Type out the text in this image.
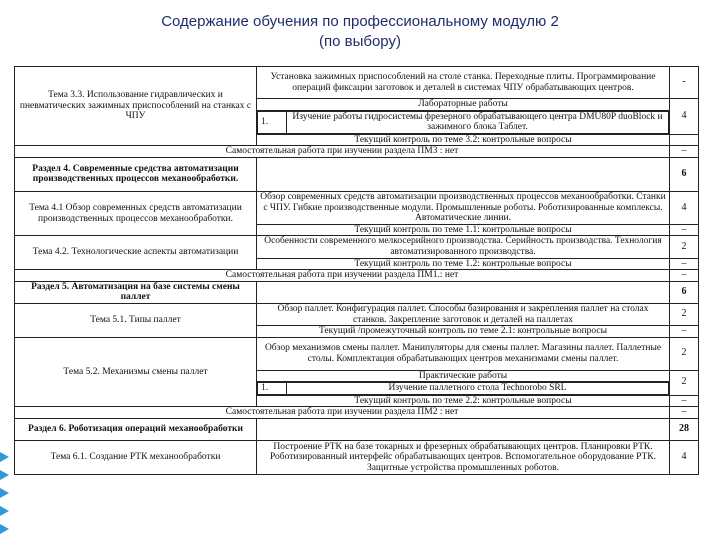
Содержание обучения по профессиональному модулю 2
(по выбору)
Тема 3.3. Использование гидравлических и пневматических зажимных приспособлений на станках с ЧПУ	Установка зажимных приспособлений на столе станка. Переходные плиты. Программирование операций фиксации заготовок и деталей в системах ЧПУ обрабатывающих центров.	-
Лабораторные работы	4

1.	Изучение работы гидросистемы фрезерного обрабатывающего центра DMU80P duoBlock и зажимного блока Таблет.

Текущий контроль по теме 3.2: контрольные вопросы	
Самостоятельная работа при изучении раздела ПМ3 : нет	–
Раздел 4. Современные средства автоматизации производственных процессов механообработки.		6
Тема 4.1 Обзор современных средств автоматизации производственных процессов механообработки.	Обзор современных средств автоматизации производственных процессов механообработки. Станки с ЧПУ. Гибкие производственные модули. Промышленные роботы. Роботизированные комплексы. Автоматические линии.	4
Текущий контроль по теме 1.1: контрольные вопросы	–
Тема 4.2. Технологические аспекты автоматизации	Особенности современного мелкосерийного производства. Серийность производства. Технология автоматизированного производства.	2
Текущий контроль по теме 1.2: контрольные вопросы	–
Самостоятельная работа при изучении раздела ПМ1.: нет	–
Раздел 5. Автоматизация на базе системы смены паллет		6
Тема 5.1. Типы паллет	Обзор паллет. Конфигурация паллет. Способы базирования и закрепления паллет на столах станков. Закрепление заготовок и деталей на паллетах	2
Текущий /промежуточный контроль по теме 2.1: контрольные вопросы	–
Тема 5.2. Механизмы смены паллет	Обзор механизмов смены паллет. Манипуляторы для смены паллет. Магазины паллет. Паллетные столы. Комплектация обрабатывающих центров механизмами смены паллет.	2
Практические работы	2

1.	Изучение паллетного стола Technorobo SRL

Текущий контроль по теме 2.2: контрольные вопросы	–
Самостоятельная работа при изучении раздела ПМ2 : нет	–
Раздел 6. Роботизация операций механообработки		28
Тема 6.1. Создание РТК механообработки	Построение РТК на базе токарных и фрезерных обрабатывающих центров. Планировки РТК. Роботизированный интерфейс обрабатывающих центров. Вспомогательное оборудование РТК. Защитные устройства промышленных роботов.	4
